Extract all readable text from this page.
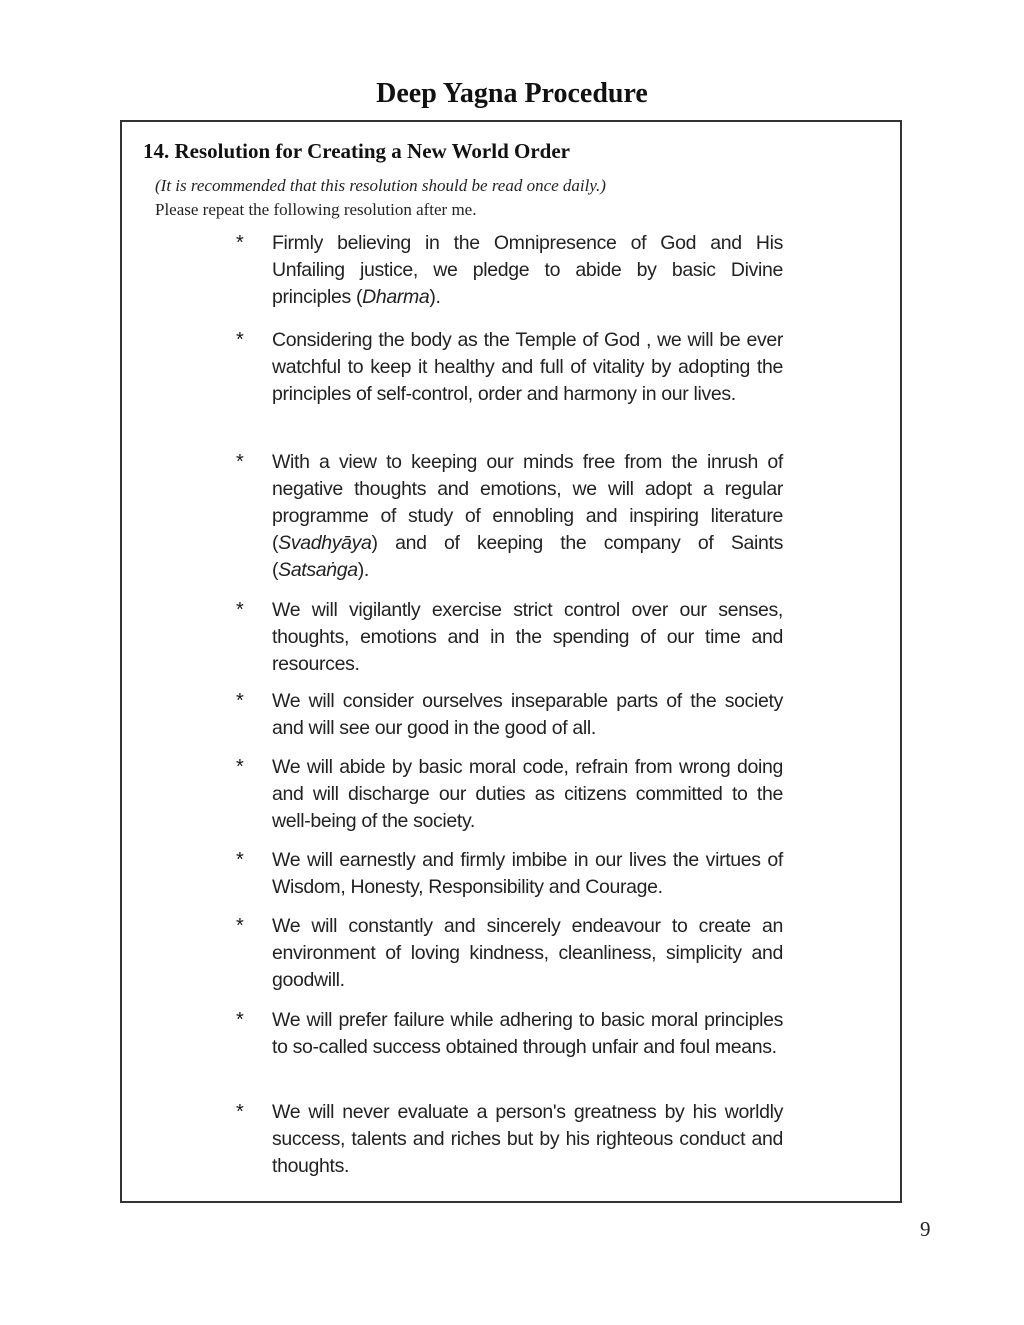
Deep Yagna Procedure
14. Resolution for Creating a New World Order
(It is recommended that this resolution should be read once daily.)
Please repeat the following resolution after me.
* Firmly believing in the Omnipresence of God and His Unfailing justice, we pledge to abide by basic Divine principles (Dharma).
* Considering the body as the Temple of God , we will be ever watchful to keep it healthy and full of vitality by adopting the principles of self-control, order and harmony in our lives.
* With a view to keeping our minds free from the inrush of negative thoughts and emotions, we will adopt a regular programme of study of ennobling and inspiring literature (Svadhyāya) and of keeping the company of Saints (Satsaṅga).
* We will vigilantly exercise strict control over our senses, thoughts, emotions and in the spending of our time and resources.
* We will consider ourselves inseparable parts of the society and will see our good in the good of all.
* We will abide by basic moral code, refrain from wrong doing and will discharge our duties as citizens committed to the well-being of the society.
* We will earnestly and firmly imbibe in our lives the virtues of Wisdom, Honesty, Responsibility and Courage.
* We will constantly and sincerely endeavour to create an environment of loving kindness, cleanliness, simplicity and goodwill.
* We will prefer failure while adhering to basic moral principles to so-called success obtained through unfair and foul means.
* We will never evaluate a person's greatness by his worldly success, talents and riches but by his righteous conduct and thoughts.
9
